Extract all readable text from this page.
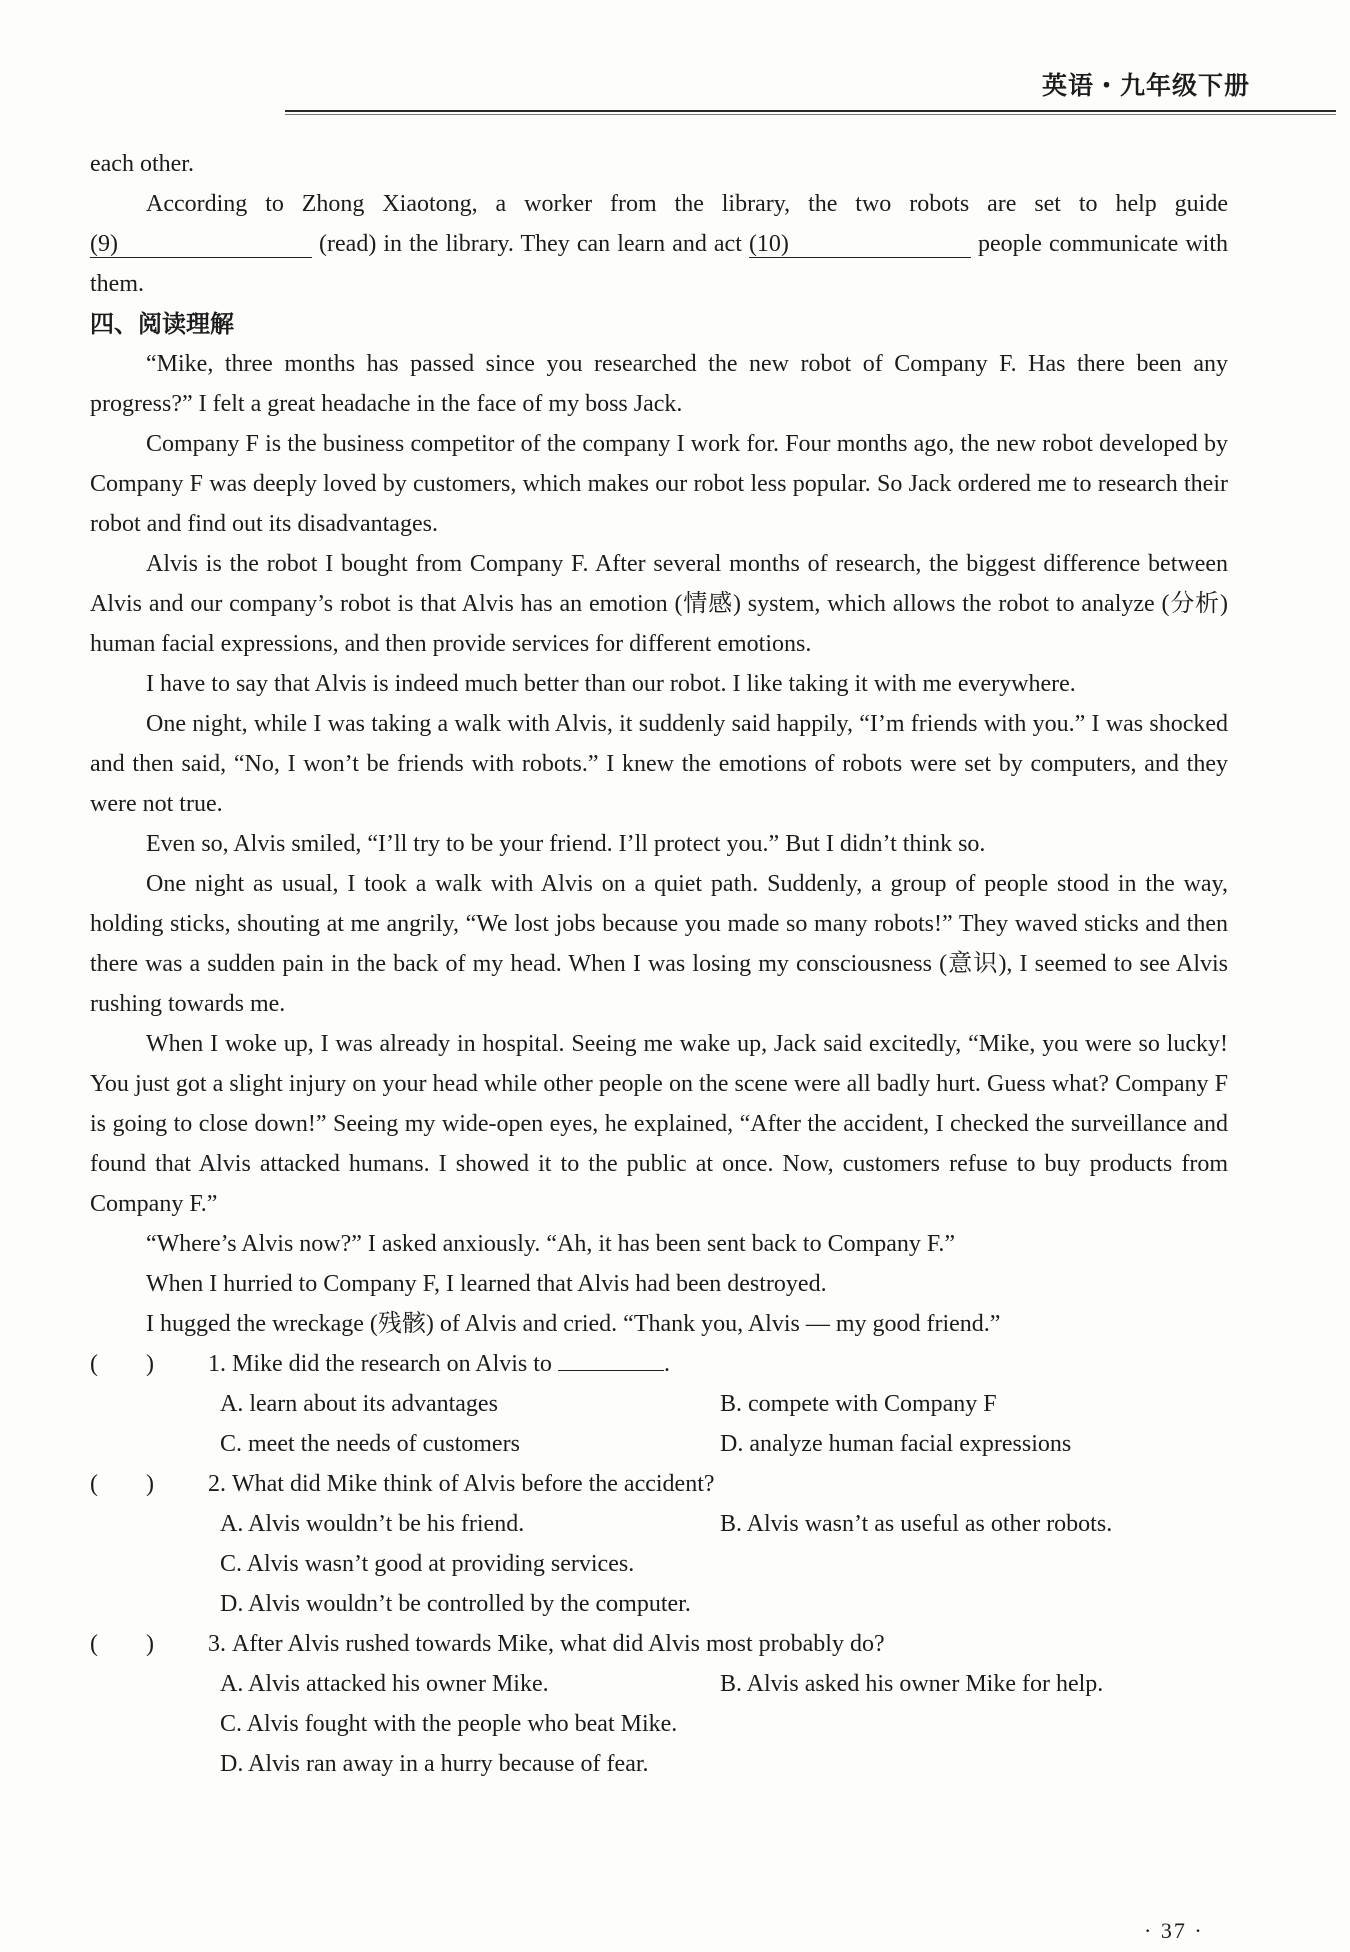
英语・九年级下册

each other.

According to Zhong Xiaotong, a worker from the library, the two robots are set to help guide (9)	(read) in the library. They can learn and act (10)	people communicate with them.

四、阅读理解

“Mike, three months has passed since you researched the new robot of Company F. Has there been any progress?” I felt a great headache in the face of my boss Jack.

Company F is the business competitor of the company I work for. Four months ago, the new robot developed by Company F was deeply loved by customers, which makes our robot less popular. So Jack ordered me to research their robot and find out its disadvantages.

Alvis is the robot I bought from Company F. After several months of research, the biggest difference between Alvis and our company’s robot is that Alvis has an emotion (情感) system, which allows the robot to analyze (分析) human facial expressions, and then provide services for different emotions.

I have to say that Alvis is indeed much better than our robot. I like taking it with me everywhere.

One night, while I was taking a walk with Alvis, it suddenly said happily, “I’m friends with you.” I was shocked and then said, “No, I won’t be friends with robots.” I knew the emotions of robots were set by computers, and they were not true.

Even so, Alvis smiled, “I’ll try to be your friend. I’ll protect you.” But I didn’t think so.

One night as usual, I took a walk with Alvis on a quiet path. Suddenly, a group of people stood in the way, holding sticks, shouting at me angrily, “We lost jobs because you made so many robots!” They waved sticks and then there was a sudden pain in the back of my head. When I was losing my consciousness (意识), I seemed to see Alvis rushing towards me.

When I woke up, I was already in hospital. Seeing me wake up, Jack said excitedly, “Mike, you were so lucky! You just got a slight injury on your head while other people on the scene were all badly hurt. Guess what? Company F is going to close down!” Seeing my wide-open eyes, he explained, “After the accident, I checked the surveillance and found that Alvis attacked humans. I showed it to the public at once. Now, customers refuse to buy products from Company F.”

“Where’s Alvis now?” I asked anxiously. “Ah, it has been sent back to Company F.”

When I hurried to Company F, I learned that Alvis had been destroyed.

I hugged the wreckage (残骸) of Alvis and cried. “Thank you, Alvis — my good friend.”

(        )	1. Mike did the research on Alvis to	.
A. learn about its advantages	B. compete with Company F
C. meet the needs of customers	D. analyze human facial expressions
(        )	2. What did Mike think of Alvis before the accident?
A. Alvis wouldn’t be his friend.	B. Alvis wasn’t as useful as other robots.
C. Alvis wasn’t good at providing services.
D. Alvis wouldn’t be controlled by the computer.
(        )	3. After Alvis rushed towards Mike, what did Alvis most probably do?
A. Alvis attacked his owner Mike.	B. Alvis asked his owner Mike for help.
C. Alvis fought with the people who beat Mike.
D. Alvis ran away in a hurry because of fear.
· 37 ·
